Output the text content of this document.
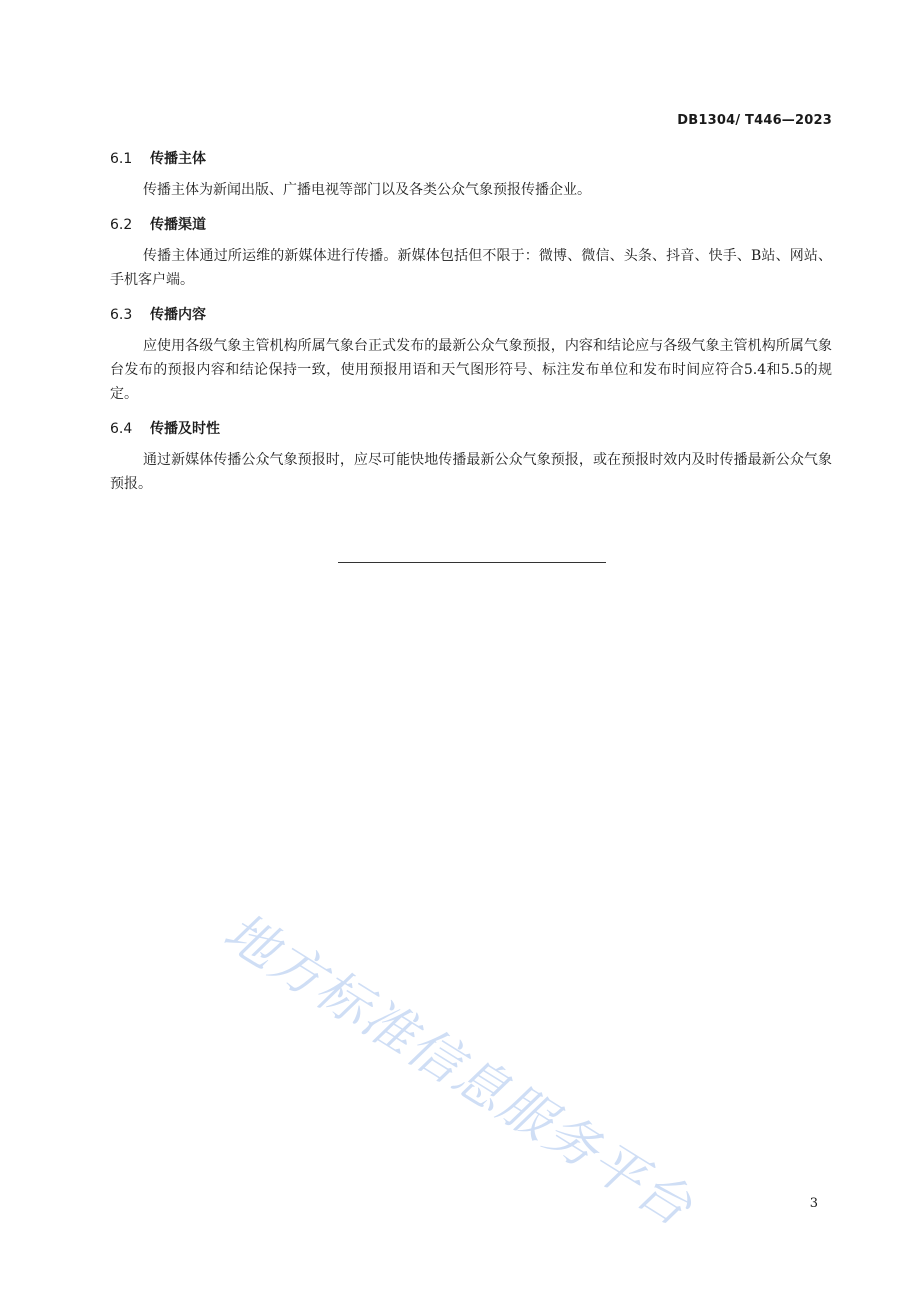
DB1304/ T446—2023
6.1 传播主体

传播主体为新闻出版、广播电视等部门以及各类公众气象预报传播企业。

6.2 传播渠道

传播主体通过所运维的新媒体进行传播。新媒体包括但不限于：微博、微信、头条、抖音、快手、B站、网站、手机客户端。

6.3 传播内容

应使用各级气象主管机构所属气象台正式发布的最新公众气象预报，内容和结论应与各级气象主管机构所属气象台发布的预报内容和结论保持一致，使用预报用语和天气图形符号、标注发布单位和发布时间应符合5.4和5.5的规定。

6.4 传播及时性

通过新媒体传播公众气象预报时，应尽可能快地传播最新公众气象预报，或在预报时效内及时传播最新公众气象预报。

地方标准信息服务平台	3
